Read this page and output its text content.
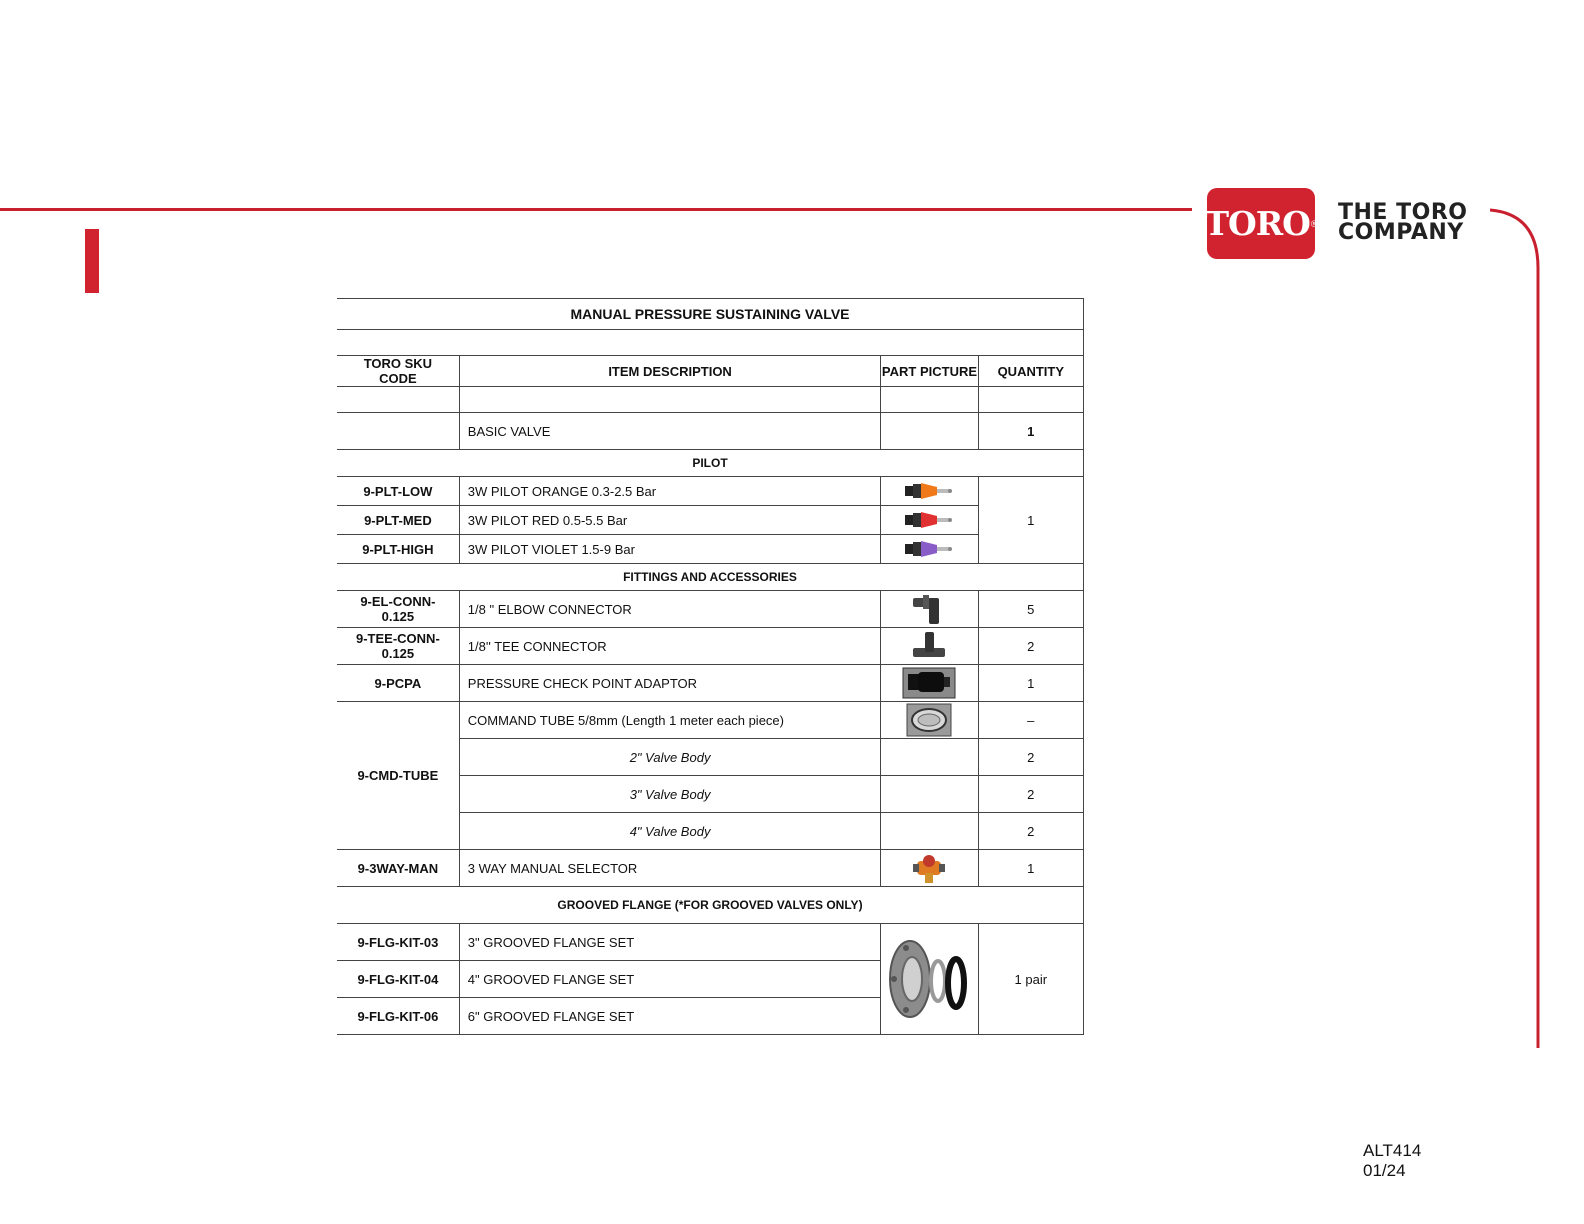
TORO ® THE TORO
COMPANY
MANUAL PRESSURE SUSTAINING VALVE			

TORO SKU CODE	ITEM DESCRIPTION	PART PICTURE	QUANTITY

	BASIC VALVE		1
PILOT			
9-PLT-LOW	3W PILOT ORANGE 0.3-2.5 Bar		1
9-PLT-MED	3W PILOT RED 0.5-5.5 Bar	

9-PLT-HIGH	3W PILOT VIOLET 1.5-9 Bar	

FITTINGS AND ACCESSORIES			
9-EL-CONN-0.125	1/8 " ELBOW CONNECTOR		5
9-TEE-CONN-0.125	1/8'' TEE CONNECTOR		2
9-PCPA	PRESSURE CHECK POINT ADAPTOR		1
9-CMD-TUBE	COMMAND TUBE 5/8mm (Length 1 meter each piece)		–
	2" Valve Body		2
	3" Valve Body		2
	4" Valve Body		2
9-3WAY-MAN	3 WAY MANUAL SELECTOR		1
GROOVED FLANGE (*FOR GROOVED VALVES ONLY)			
9-FLG-KIT-03	3" GROOVED FLANGE SET		1 pair
9-FLG-KIT-04	4" GROOVED FLANGE SET		
9-FLG-KIT-06	6" GROOVED FLANGE SET		
ALT414
01/24
